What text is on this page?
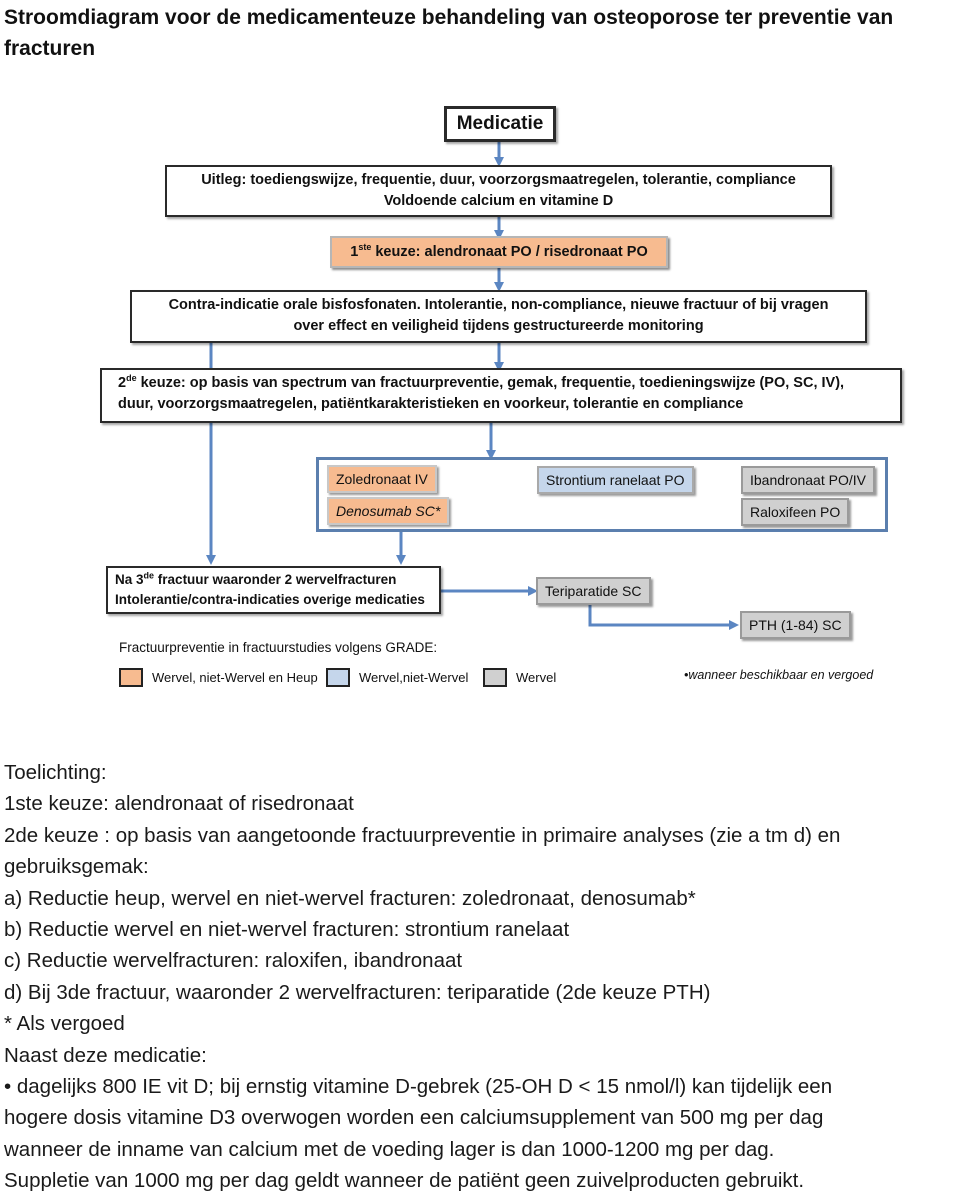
Stroomdiagram voor de medicamenteuze behandeling van osteoporose ter preventie van
fracturen
Medicatie
Uitleg: toediengswijze, frequentie, duur, voorzorgsmaatregelen, tolerantie, compliance
Voldoende calcium en vitamine D
1ste keuze: alendronaat PO / risedronaat PO
Contra-indicatie orale bisfosfonaten. Intolerantie, non-compliance, nieuwe fractuur of bij vragen
over effect en veiligheid tijdens gestructureerde monitoring
2de keuze: op basis van spectrum van fractuurpreventie, gemak, frequentie, toedieningswijze (PO, SC, IV),
duur, voorzorgsmaatregelen, patiëntkarakteristieken en voorkeur, tolerantie en compliance
Zoledronaat IV
Denosumab SC*
Strontium ranelaat PO	Ibandronaat PO/IV
Raloxifeen PO
Na 3de fractuur waaronder 2 wervelfracturen
Intolerantie/contra-indicaties overige medicaties
Teriparatide SC
PTH (1-84) SC
Fractuurpreventie in fractuurstudies volgens GRADE:
Wervel, niet-Wervel en Heup	Wervel,niet-Wervel	Wervel	•wanneer beschikbaar en vergoed
Toelichting:
1ste keuze: alendronaat of risedronaat
2de keuze : op basis van aangetoonde fractuurpreventie in primaire analyses (zie a tm d) en
gebruiksgemak:
a) Reductie heup, wervel en niet-wervel fracturen: zoledronaat, denosumab*
b) Reductie wervel en niet-wervel fracturen: strontium ranelaat
c) Reductie wervelfracturen: raloxifen, ibandronaat
d) Bij 3de fractuur, waaronder 2 wervelfracturen: teriparatide (2de keuze PTH)
* Als vergoed
Naast deze medicatie:
• dagelijks 800 IE vit D; bij ernstig vitamine D-gebrek (25-OH D < 15 nmol/l) kan tijdelijk een
hogere dosis vitamine D3 overwogen worden een calciumsupplement van 500 mg per dag
wanneer de inname van calcium met de voeding lager is dan 1000-1200 mg per dag.
Suppletie van 1000 mg per dag geldt wanneer de patiënt geen zuivelproducten gebruikt.
